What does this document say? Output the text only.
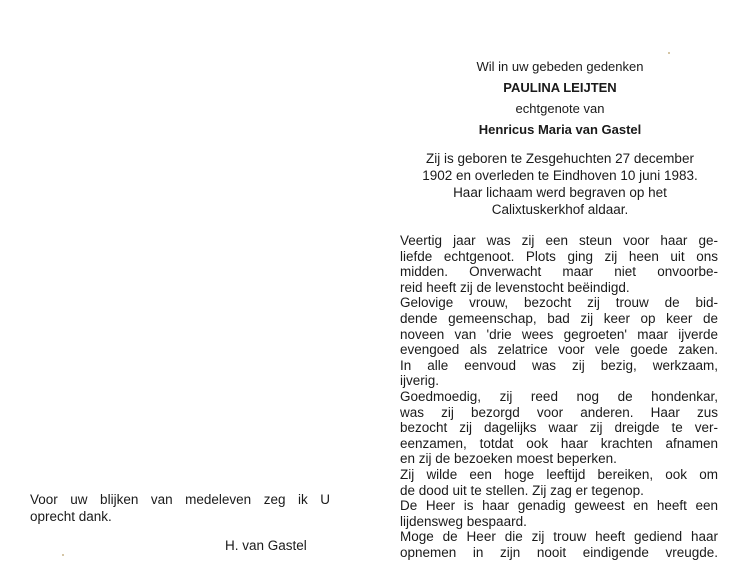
Wil in uw gebeden gedenken
PAULINA LEIJTEN
echtgenote van
Henricus Maria van Gastel
Zij is geboren te Zesgehuchten 27 december
1902 en overleden te Eindhoven 10 juni 1983.
Haar lichaam werd begraven op het
Calixtuskerkhof aldaar.
Veertig jaar was zij een steun voor haar ge-
liefde echtgenoot. Plots ging zij heen uit ons
midden. Onverwacht maar niet onvoorbe-
reid heeft zij de levenstocht beëindigd.
Gelovige vrouw, bezocht zij trouw de bid-
dende gemeenschap, bad zij keer op keer de
noveen van 'drie wees gegroeten' maar ijverde
evengoed als zelatrice voor vele goede zaken.
In alle eenvoud was zij bezig, werkzaam,
ijverig.
Goedmoedig, zij reed nog de hondenkar,
was zij bezorgd voor anderen. Haar zus
bezocht zij dagelijks waar zij dreigde te ver-
eenzamen, totdat ook haar krachten afnamen
en zij de bezoeken moest beperken.
Zij wilde een hoge leeftijd bereiken, ook om
de dood uit te stellen. Zij zag er tegenop.
De Heer is haar genadig geweest en heeft een
lijdensweg bespaard.
Moge de Heer die zij trouw heeft gediend haar
opnemen in zijn nooit eindigende vreugde.
Voor uw blijken van medeleven zeg ik U
oprecht dank.
H. van Gastel
